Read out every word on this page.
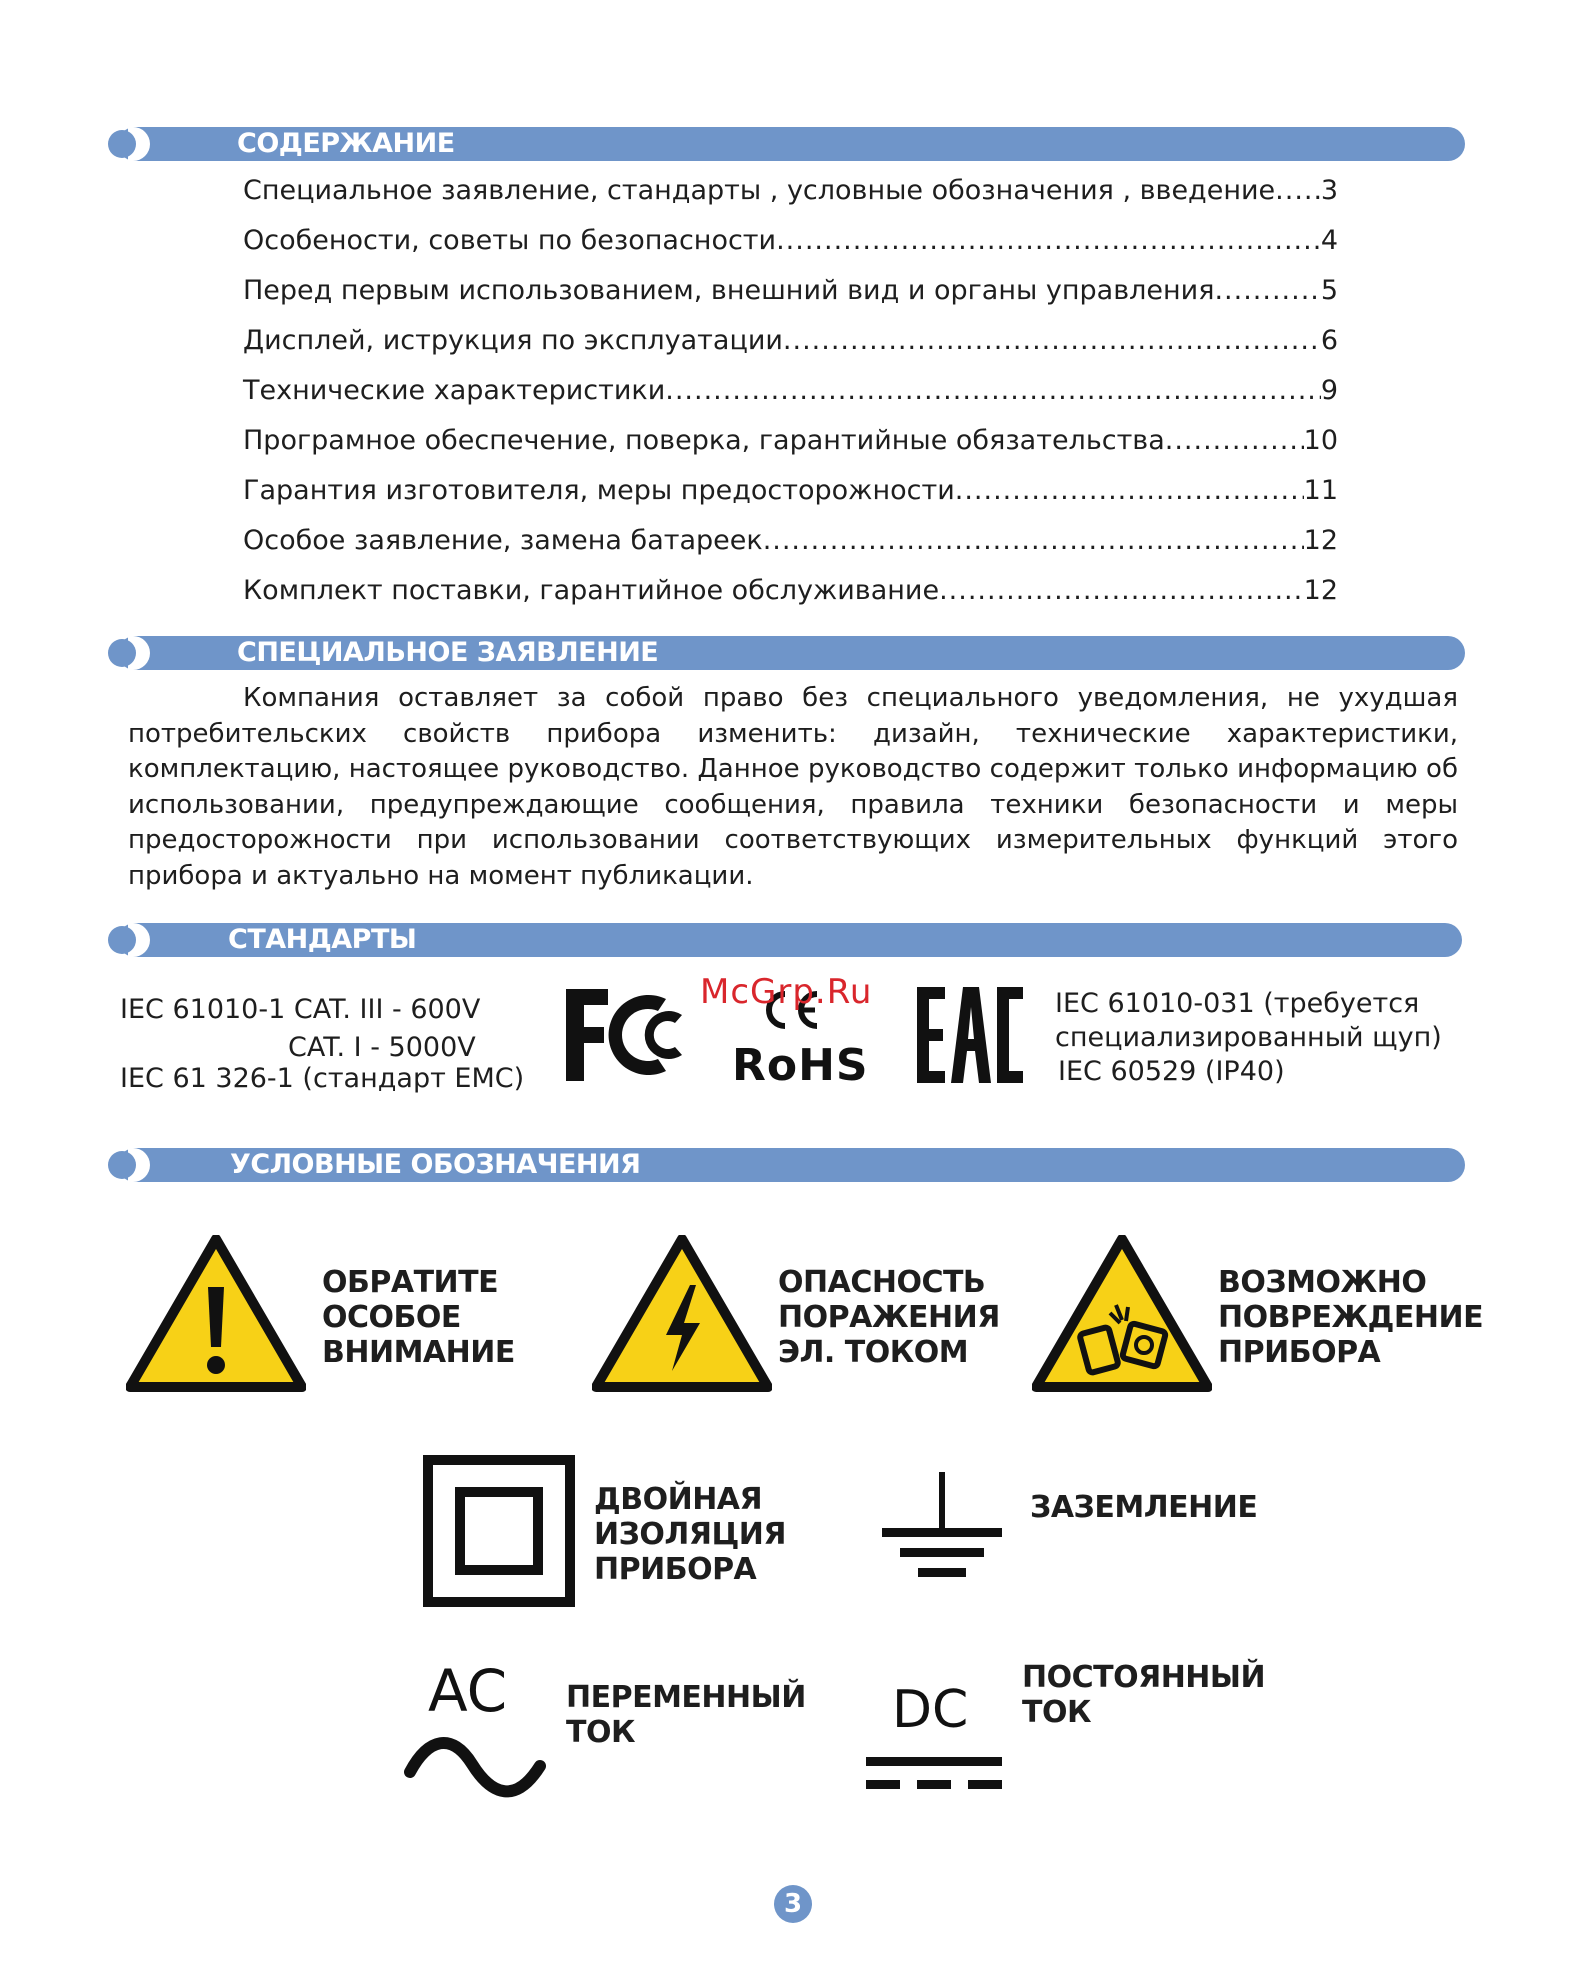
СОДЕРЖАНИЕ
Специальное заявление, стандарты , условные обозначения , введение ..... 3
Особености, советы по безопасности .....	4
Перед первым использованием, внешний вид и органы управления .....	5
Дисплей, иструкция по эксплуатации .....	6
Технические характеристики .....	9
Програмное обеспечение, поверка, гарантийные обязательства .....	10
Гарантия изготовителя, меры предосторожности .....	11
Особое заявление, замена батареек .....	12
Комплект поставки, гарантийное обслуживание .....	12
СПЕЦИАЛЬНОЕ ЗАЯВЛЕНИЕ
Компания оставляет за собой право без специального уведомления, не ухудшая потребительских свойств прибора изменить: дизайн, технические характеристики, комплектацию, настоящее руководство. Данное руководство содержит только информацию об использовании, предупреждающие сообщения, правила техники безопасности и меры предосторожности при использовании соответствующих измерительных функций этого прибора и актуально на момент публикации.
СТАНДАРТЫ
IEC 61010-1 CAT. III - 600V
CAT. I - 5000V
IEC 61 326-1 (стандарт EMC)	RoHS
McGrp.Ru	IEC 61010-031 (требуется
специализированный щуп)
IEC 60529 (IP40)
УСЛОВНЫЕ ОБОЗНАЧЕНИЯ
ОБРАТИТЕ
ОСОБОЕ
ВНИМАНИЕ
ОПАСНОСТЬ
ПОРАЖЕНИЯ
ЭЛ. ТОКОМ
ВОЗМОЖНО
ПОВРЕЖДЕНИЕ
ПРИБОРА
ДВОЙНАЯ
ИЗОЛЯЦИЯ
ПРИБОРА
ЗАЗЕМЛЕНИЕ
AC ПЕРЕМЕННЫЙ
ТОК	DC
ПОСТОЯННЫЙ
ТОК
3
